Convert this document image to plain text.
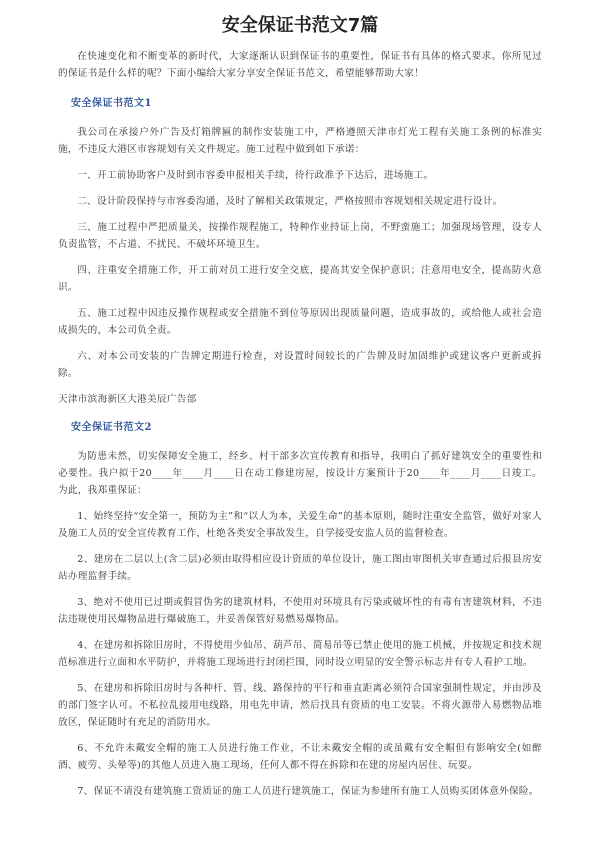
安全保证书范文7篇

在快速变化和不断变革的新时代，大家逐渐认识到保证书的重要性，保证书有具体的格式要求。你所见过的保证书是什么样的呢？下面小编给大家分享安全保证书范文，希望能够帮助大家！

安全保证书范文1

我公司在承接户外广告及灯箱牌匾的制作安装施工中，严格遵照天津市灯光工程有关施工条例的标准实施，不违反大港区市容规划有关文件规定。施工过程中做到如下承诺：

一、开工前协助客户及时到市容委申报相关手续，待行政准予下达后，进场施工。

二、设计阶段保持与市容委沟通，及时了解相关政策规定，严格按照市容规划相关规定进行设计。

三、施工过程中严把质量关，按操作规程施工，特种作业持证上岗，不野蛮施工；加强现场管理，设专人负责监管，不占道、不扰民、不破坏环境卫生。

四、注重安全措施工作，开工前对员工进行安全交底，提高其安全保护意识；注意用电安全，提高防火意识。

五、施工过程中因违反操作规程或安全措施不到位等原因出现质量问题，造成事故的，或给他人或社会造成损失的，本公司负全责。

六、对本公司安装的广告牌定期进行检查，对设置时间较长的广告牌及时加固维护或建议客户更新或拆除。

天津市滨海新区大港美辰广告部

安全保证书范文2

为防患未然，切实保障安全施工，经乡、村干部多次宣传教育和指导，我明白了抓好建筑安全的重要性和必要性。我户拟于20____年____月____日在动工修建房屋，按设计方案预计于20____年____月____日竣工。为此，我郑重保证：

1、始终坚持“安全第一，预防为主”和“以人为本，关爱生命”的基本原则，随时注重安全监管，做好对家人及施工人员的安全宣传教育工作，杜绝各类安全事故发生，自学接受安监人员的监督检查。

2、建房在二层以上(含二层)必须由取得相应设计资质的单位设计，施工图由审图机关审查通过后报县房安站办理监督手续。

3、绝对不使用已过期或假冒伪劣的建筑材料，不使用对环境具有污染或破坏性的有毒有害建筑材料，不违法违规使用民爆物品进行爆破施工，并妥善保管好易燃易爆物品。

4、在建房和拆除旧房时，不得使用少仙吊、葫芦吊、简易吊等已禁止使用的施工机械，并按规定和技术规范标准进行立面和水平防护，并将施工现场进行封闭拦围，同时设立明显的安全警示标志并有专人看护工地。

5、在建房和拆除旧房时与各种杆、管、线、路保持的平行和垂直距离必须符合国家强制性规定，并由涉及的部门签字认可。不私拉乱接用电线路，用电先申请，然后找具有资质的电工安装。不将火源带入易燃物品堆放区，保证随时有充足的消防用水。

6、不允许未戴安全帽的施工人员进行施工作业，不让未戴安全帽的或虽戴有安全帽但有影响安全(如醉酒、疲劳、头晕等)的其他人员进入施工现场，任何人都不得在拆除和在建的房屋内居住、玩耍。

7、保证不请没有建筑施工资质证的施工人员进行建筑施工，保证为参建所有施工人员购买团体意外保险。
